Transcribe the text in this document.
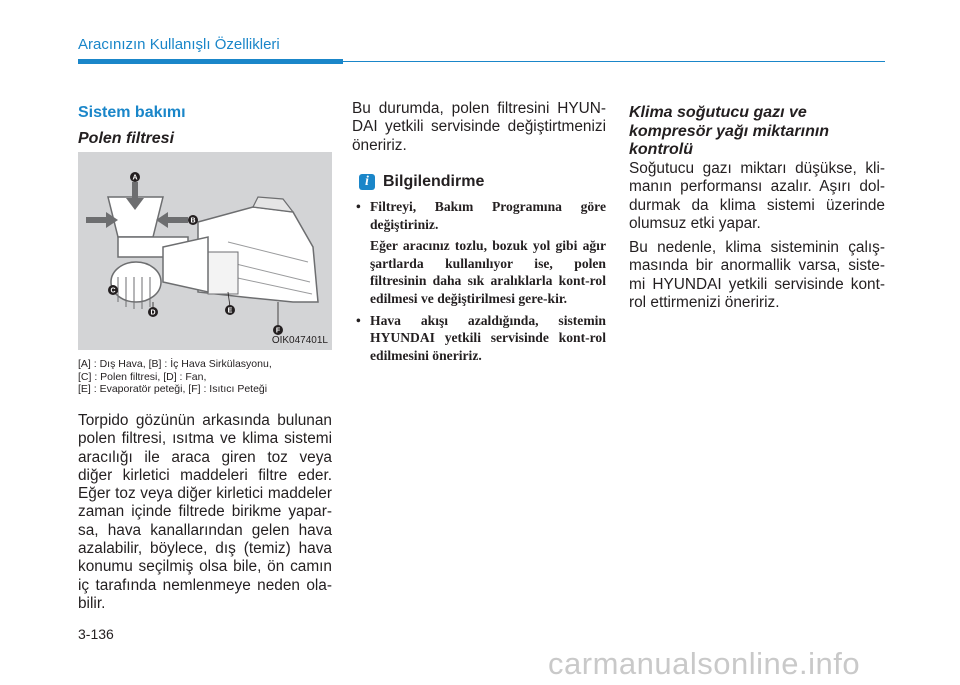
Aracınızın Kullanışlı Özellikleri
Sistem bakımı
Polen filtresi
A
B
C
D	E
F
OIK047401L
[A] : Dış Hava, [B] : İç Hava Sirkülasyonu,
[C] : Polen filtresi, [D] : Fan,
[E] : Evaporatör peteği, [F] : Isıtıcı Peteği
Torpido gözünün arkasında bulunan polen filtresi, ısıtma ve klima sistemi aracılığı ile araca giren toz veya diğer kirletici maddeleri filtre eder. Eğer toz veya diğer kirletici maddeler zaman içinde filtrede birikme yapar-sa, hava kanallarından gelen hava azalabilir, böylece, dış (temiz) hava konumu seçilmiş olsa bile, ön camın iç tarafında nemlenmeye neden ola-bilir.
Bu durumda, polen filtresini HYUN-DAI yetkili servisinde değiştirtmenizi öneririz.
i Bilgilendirme

• Filtreyi, Bakım Programına göre değiştiriniz.

Eğer aracınız tozlu, bozuk yol gibi ağır şartlarda kullanılıyor ise, polen filtresinin daha sık aralıklarla kont-rol edilmesi ve değiştirilmesi gere-kir.

• Hava akışı azaldığında, sistemin HYUNDAI yetkili servisinde kont-rol edilmesini öneririz.

Klima soğutucu gazı ve kompresör yağı miktarının kontrolü
Soğutucu gazı miktarı düşükse, kli-manın performansı azalır. Aşırı dol-durmak da klima sistemi üzerinde olumsuz etki yapar.
Bu nedenle, klima sisteminin çalış-masında bir anormallik varsa, siste-mi HYUNDAI yetkili servisinde kont-rol ettirmenizi öneririz.
3-136
carmanualsonline.info
